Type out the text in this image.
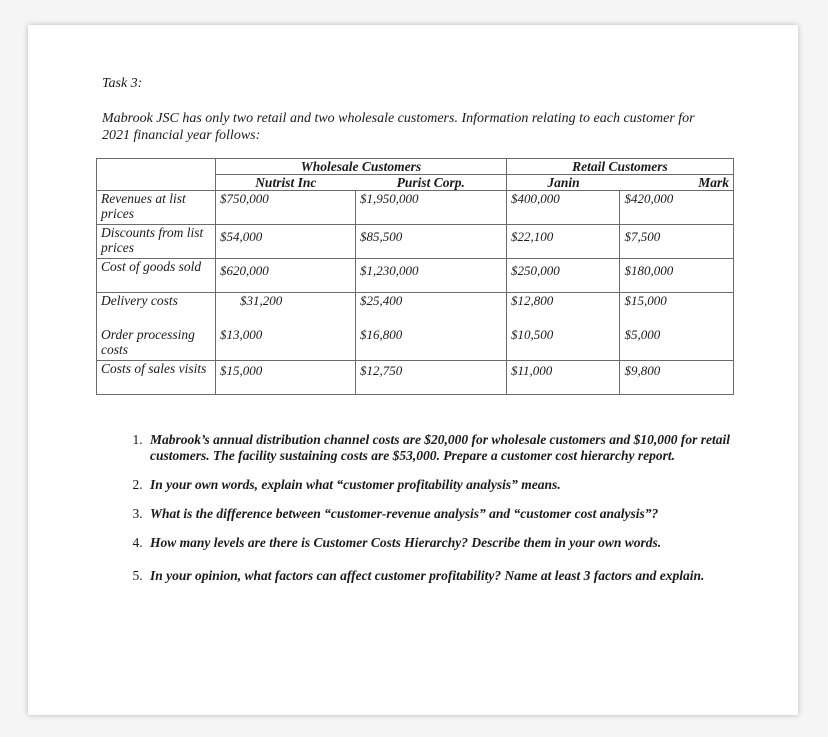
Task 3:
Mabrook JSC has only two retail and two wholesale customers. Information relating to each customer for 2021 financial year follows:
	Wholesale Customers		Retail Customers	
	Nutrist Inc	Purist Corp.	Janin	Mark
Revenues at list prices	$750,000	$1,950,000	$400,000	$420,000
Discounts from list prices	$54,000	$85,500	$22,100	$7,500
Cost of goods sold	$620,000	$1,230,000	$250,000	$180,000
Delivery costs	$31,200	$25,400	$12,800	$15,000
Order processing costs	$13,000	$16,800	$10,500	$5,000
Costs of sales visits	$15,000	$12,750	$11,000	$9,800
1. Mabrook’s annual distribution channel costs are $20,000 for wholesale customers and $10,000 for retail customers. The facility sustaining costs are $53,000. Prepare a customer cost hierarchy report.
2. In your own words, explain what “customer profitability analysis” means.
3. What is the difference between “customer-revenue analysis” and “customer cost analysis”?
4. How many levels are there is Customer Costs Hierarchy? Describe them in your own words.
5. In your opinion, what factors can affect customer profitability? Name at least 3 factors and explain.
